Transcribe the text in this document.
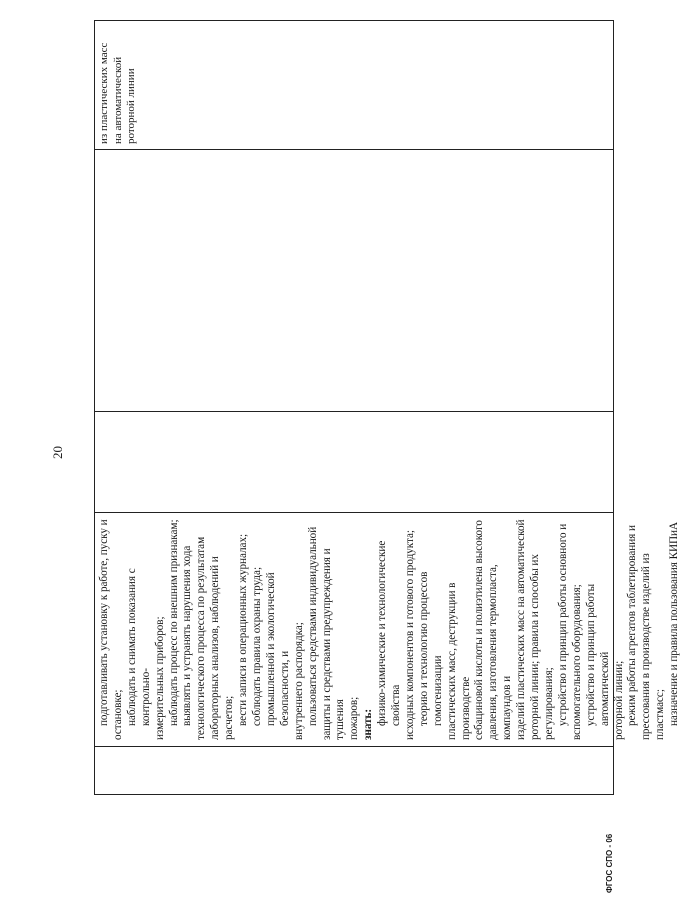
20
подготавливать установку к работе, пуску и остановке; наблюдать и снимать показания с контрольно- измерительных приборов; наблюдать процесс по внешним признакам; выявлять и устранять нарушения хода технологического процесса по результатам лабораторных анализов, наблюдений и расчетов; вести записи в операционных журналах; соблюдать правила охраны труда; промышленной и экологической безопасности, и внутреннего распорядка; пользоваться средствами индивидуальной защиты и средствами предупреждения и тушения пожаров; знать: физико-химические и технологические свойства исходных компонентов и готового продукта; теорию и технологию процессов гомогенизации пластических масс, деструкции в производстве себациновой кислоты и полиэтилена высокого давления, изготовления термопласта, компаундов и изделий пластических масс на автоматической роторной линии; правила и способы их регулирования; устройство и принцип работы основного и вспомогательного оборудования; устройство и принцип работы автоматической роторной линии; режим работы агрегатов таблетирования и прессования в производстве изделий из пластмасс; назначение и правила пользования КИПиА
из пластических масс на автоматической роторной линии
ФГОС СПО - 06
